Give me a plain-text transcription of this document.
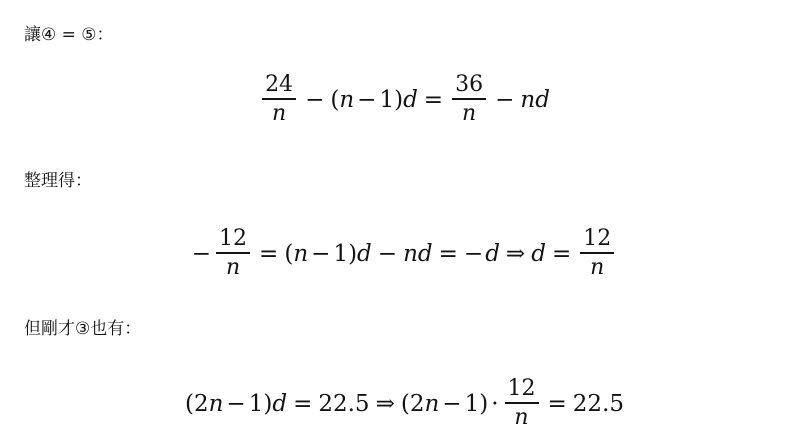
讓④ = ⑤：
$\frac{24}{n}$ − ( n − 1 ) $d = \frac{36}{n} - n$ d
整理得：
− $\frac{12}{n}$ = ( n − 1 ) d − n d = − d ⇒ $d = \frac{12}{n}$
但剛才③也有：
( 2 n − 1 ) d = 22.5 ⇒ ( 2 n − 1 ) · $\frac{12}{n} = 22.5$
